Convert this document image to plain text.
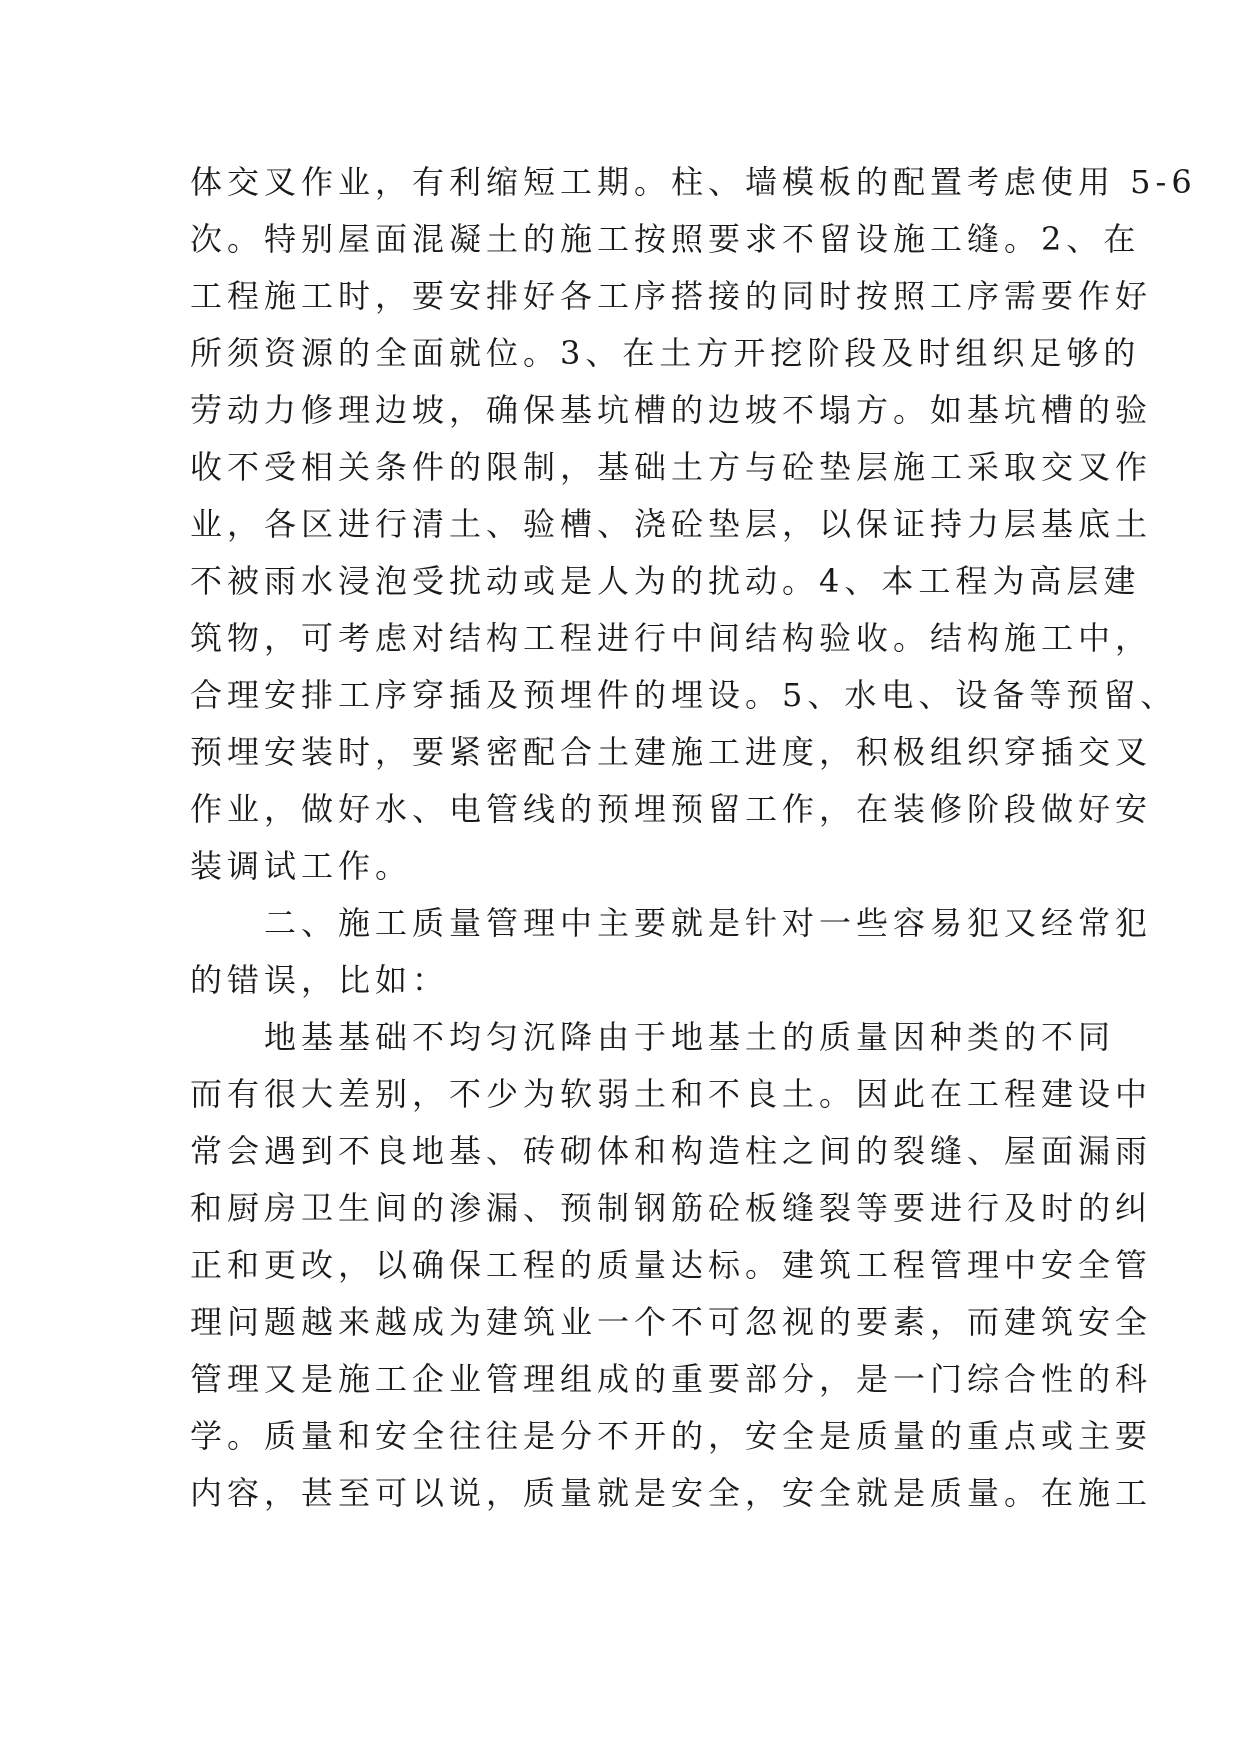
体交叉作业，有利缩短工期。柱、墙模板的配置考虑使用 5-6
次。特别屋面混凝土的施工按照要求不留设施工缝。2、在
工程施工时，要安排好各工序搭接的同时按照工序需要作好
所须资源的全面就位。3、在土方开挖阶段及时组织足够的
劳动力修理边坡，确保基坑槽的边坡不塌方。如基坑槽的验
收不受相关条件的限制，基础土方与砼垫层施工采取交叉作
业，各区进行清土、验槽、浇砼垫层，以保证持力层基底土
不被雨水浸泡受扰动或是人为的扰动。4、本工程为高层建
筑物，可考虑对结构工程进行中间结构验收。结构施工中，
合理安排工序穿插及预埋件的埋设。5、水电、设备等预留、
预埋安装时，要紧密配合土建施工进度，积极组织穿插交叉
作业，做好水、电管线的预埋预留工作，在装修阶段做好安
装调试工作。
　　二、施工质量管理中主要就是针对一些容易犯又经常犯
的错误，比如：
　　地基基础不均匀沉降由于地基土的质量因种类的不同
而有很大差别，不少为软弱土和不良土。因此在工程建设中
常会遇到不良地基、砖砌体和构造柱之间的裂缝、屋面漏雨
和厨房卫生间的渗漏、预制钢筋砼板缝裂等要进行及时的纠
正和更改，以确保工程的质量达标。建筑工程管理中安全管
理问题越来越成为建筑业一个不可忽视的要素，而建筑安全
管理又是施工企业管理组成的重要部分，是一门综合性的科
学。质量和安全往往是分不开的，安全是质量的重点或主要
内容，甚至可以说，质量就是安全，安全就是质量。在施工
